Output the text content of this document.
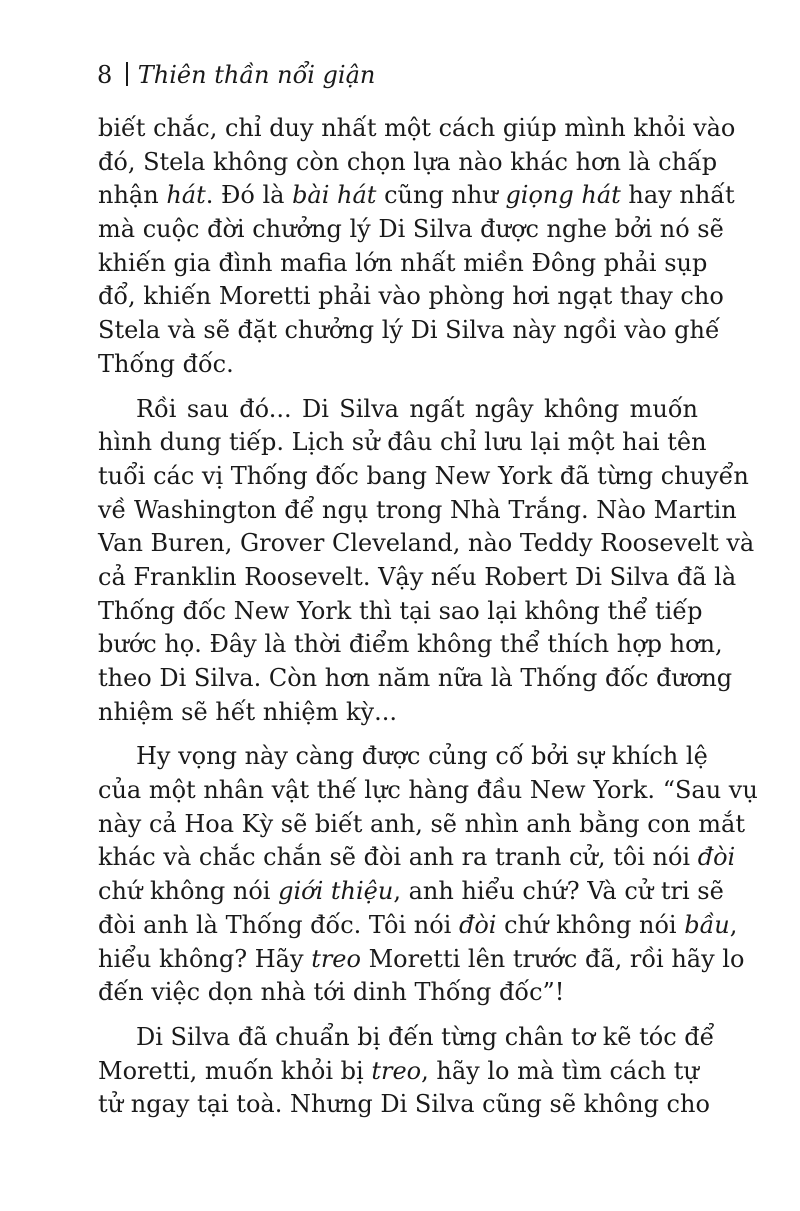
8 Thiên thần nổi giận
biết chắc, chỉ duy nhất một cách giúp mình khỏi vào
đó, Stela không còn chọn lựa nào khác hơn là chấp
nhận hát. Đó là bài hát cũng như giọng hát hay nhất
mà cuộc đời chưởng lý Di Silva được nghe bởi nó sẽ
khiến gia đình mafia lớn nhất miền Đông phải sụp
đổ, khiến Moretti phải vào phòng hơi ngạt thay cho
Stela và sẽ đặt chưởng lý Di Silva này ngồi vào ghế
Thống đốc.
Rồi sau đó... Di Silva ngất ngây không muốn
hình dung tiếp. Lịch sử đâu chỉ lưu lại một hai tên
tuổi các vị Thống đốc bang New York đã từng chuyển
về Washington để ngụ trong Nhà Trắng. Nào Martin
Van Buren, Grover Cleveland, nào Teddy Roosevelt và
cả Franklin Roosevelt. Vậy nếu Robert Di Silva đã là
Thống đốc New York thì tại sao lại không thể tiếp
bước họ. Đây là thời điểm không thể thích hợp hơn,
theo Di Silva. Còn hơn năm nữa là Thống đốc đương
nhiệm sẽ hết nhiệm kỳ...
Hy vọng này càng được củng cố bởi sự khích lệ
của một nhân vật thế lực hàng đầu New York. “Sau vụ
này cả Hoa Kỳ sẽ biết anh, sẽ nhìn anh bằng con mắt
khác và chắc chắn sẽ đòi anh ra tranh cử, tôi nói đòi
chứ không nói giới thiệu, anh hiểu chứ? Và cử tri sẽ
đòi anh là Thống đốc. Tôi nói đòi chứ không nói bầu,
hiểu không? Hãy treo Moretti lên trước đã, rồi hãy lo
đến việc dọn nhà tới dinh Thống đốc”!
Di Silva đã chuẩn bị đến từng chân tơ kẽ tóc để
Moretti, muốn khỏi bị treo, hãy lo mà tìm cách tự
tử ngay tại toà. Nhưng Di Silva cũng sẽ không cho
